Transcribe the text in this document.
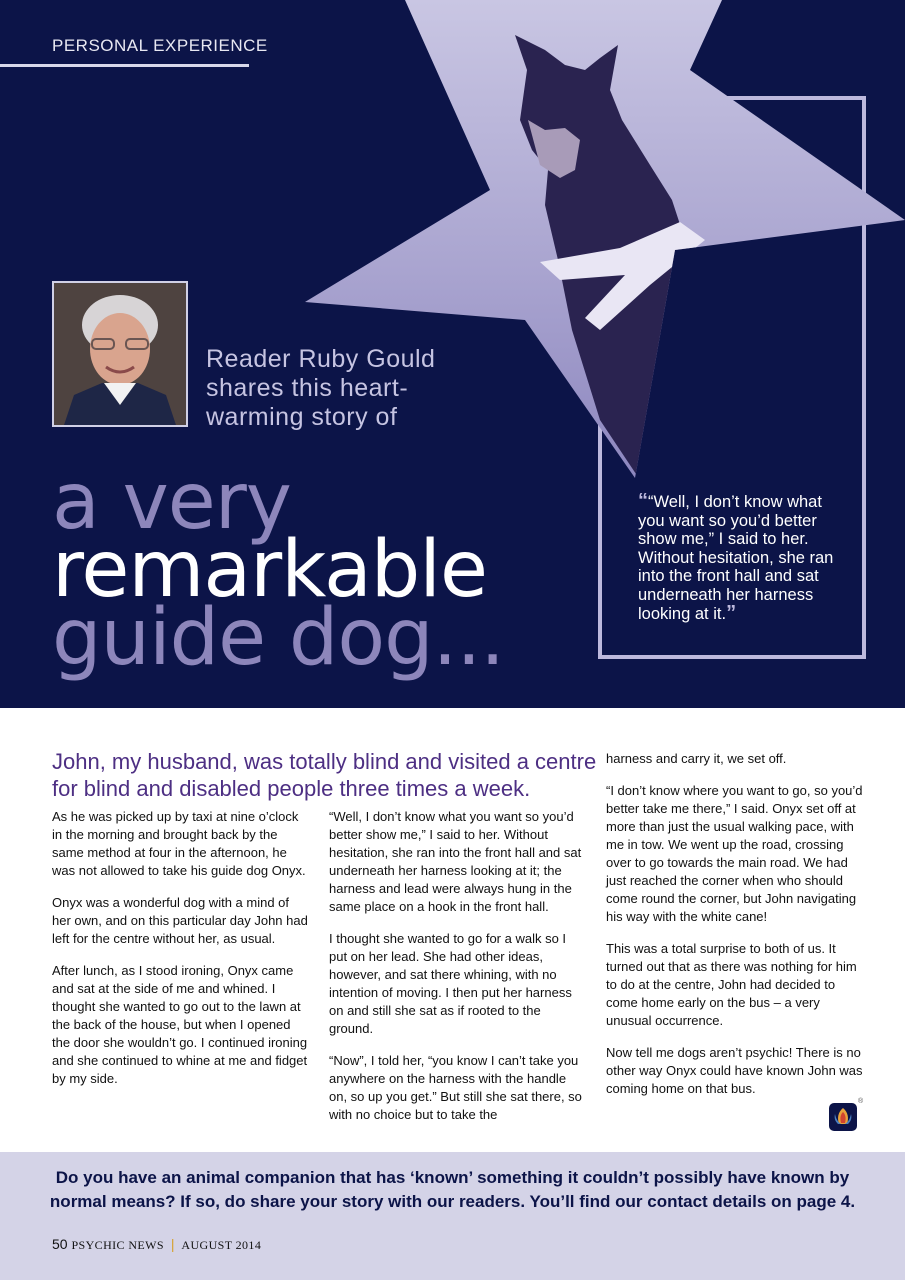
PERSONAL EXPERIENCE
Reader Ruby Gould
shares this heart-
warming story of
a very
remarkable
guide dog...
““Well, I don’t know what you want so you’d better show me,” I said to her. Without hesitation, she ran into the front hall and sat underneath her harness looking at it.”
John, my husband, was totally blind and visited a centre for blind and disabled people three times a week.

As he was picked up by taxi at nine o’clock in the morning and brought back by the same method at four in the afternoon, he was not allowed to take his guide dog Onyx.

Onyx was a wonderful dog with a mind of her own, and on this particular day John had left for the centre without her, as usual.

After lunch, as I stood ironing, Onyx came and sat at the side of me and whined. I thought she wanted to go out to the lawn at the back of the house, but when I opened the door she wouldn’t go. I continued ironing and she continued to whine at me and fidget by my side.

“Well, I don’t know what you want so you’d better show me,” I said to her. Without hesitation, she ran into the front hall and sat underneath her harness looking at it; the harness and lead were always hung in the same place on a hook in the front hall.

I thought she wanted to go for a walk so I put on her lead. She had other ideas, however, and sat there whining, with no intention of moving. I then put her harness on and still she sat as if rooted to the ground.

“Now”, I told her, “you know I can’t take you anywhere on the harness with the handle on, so up you get.” But still she sat there, so with no choice but to take the

harness and carry it, we set off.

“I don’t know where you want to go, so you’d better take me there,” I said. Onyx set off at more than just the usual walking pace, with me in tow. We went up the road, crossing over to go towards the main road. We had just reached the corner when who should come round the corner, but John navigating his way with the white cane!

This was a total surprise to both of us. It turned out that as there was nothing for him to do at the centre, John had decided to come home early on the bus – a very unusual occurrence.

Now tell me dogs aren’t psychic! There is no other way Onyx could have known John was coming home on that bus.

®
Do you have an animal companion that has ‘known’ something it couldn’t possibly have known by normal means? If so, do share your story with our readers. You’ll find our contact details on page 4.
50 PSYCHIC NEWS | AUGUST 2014
